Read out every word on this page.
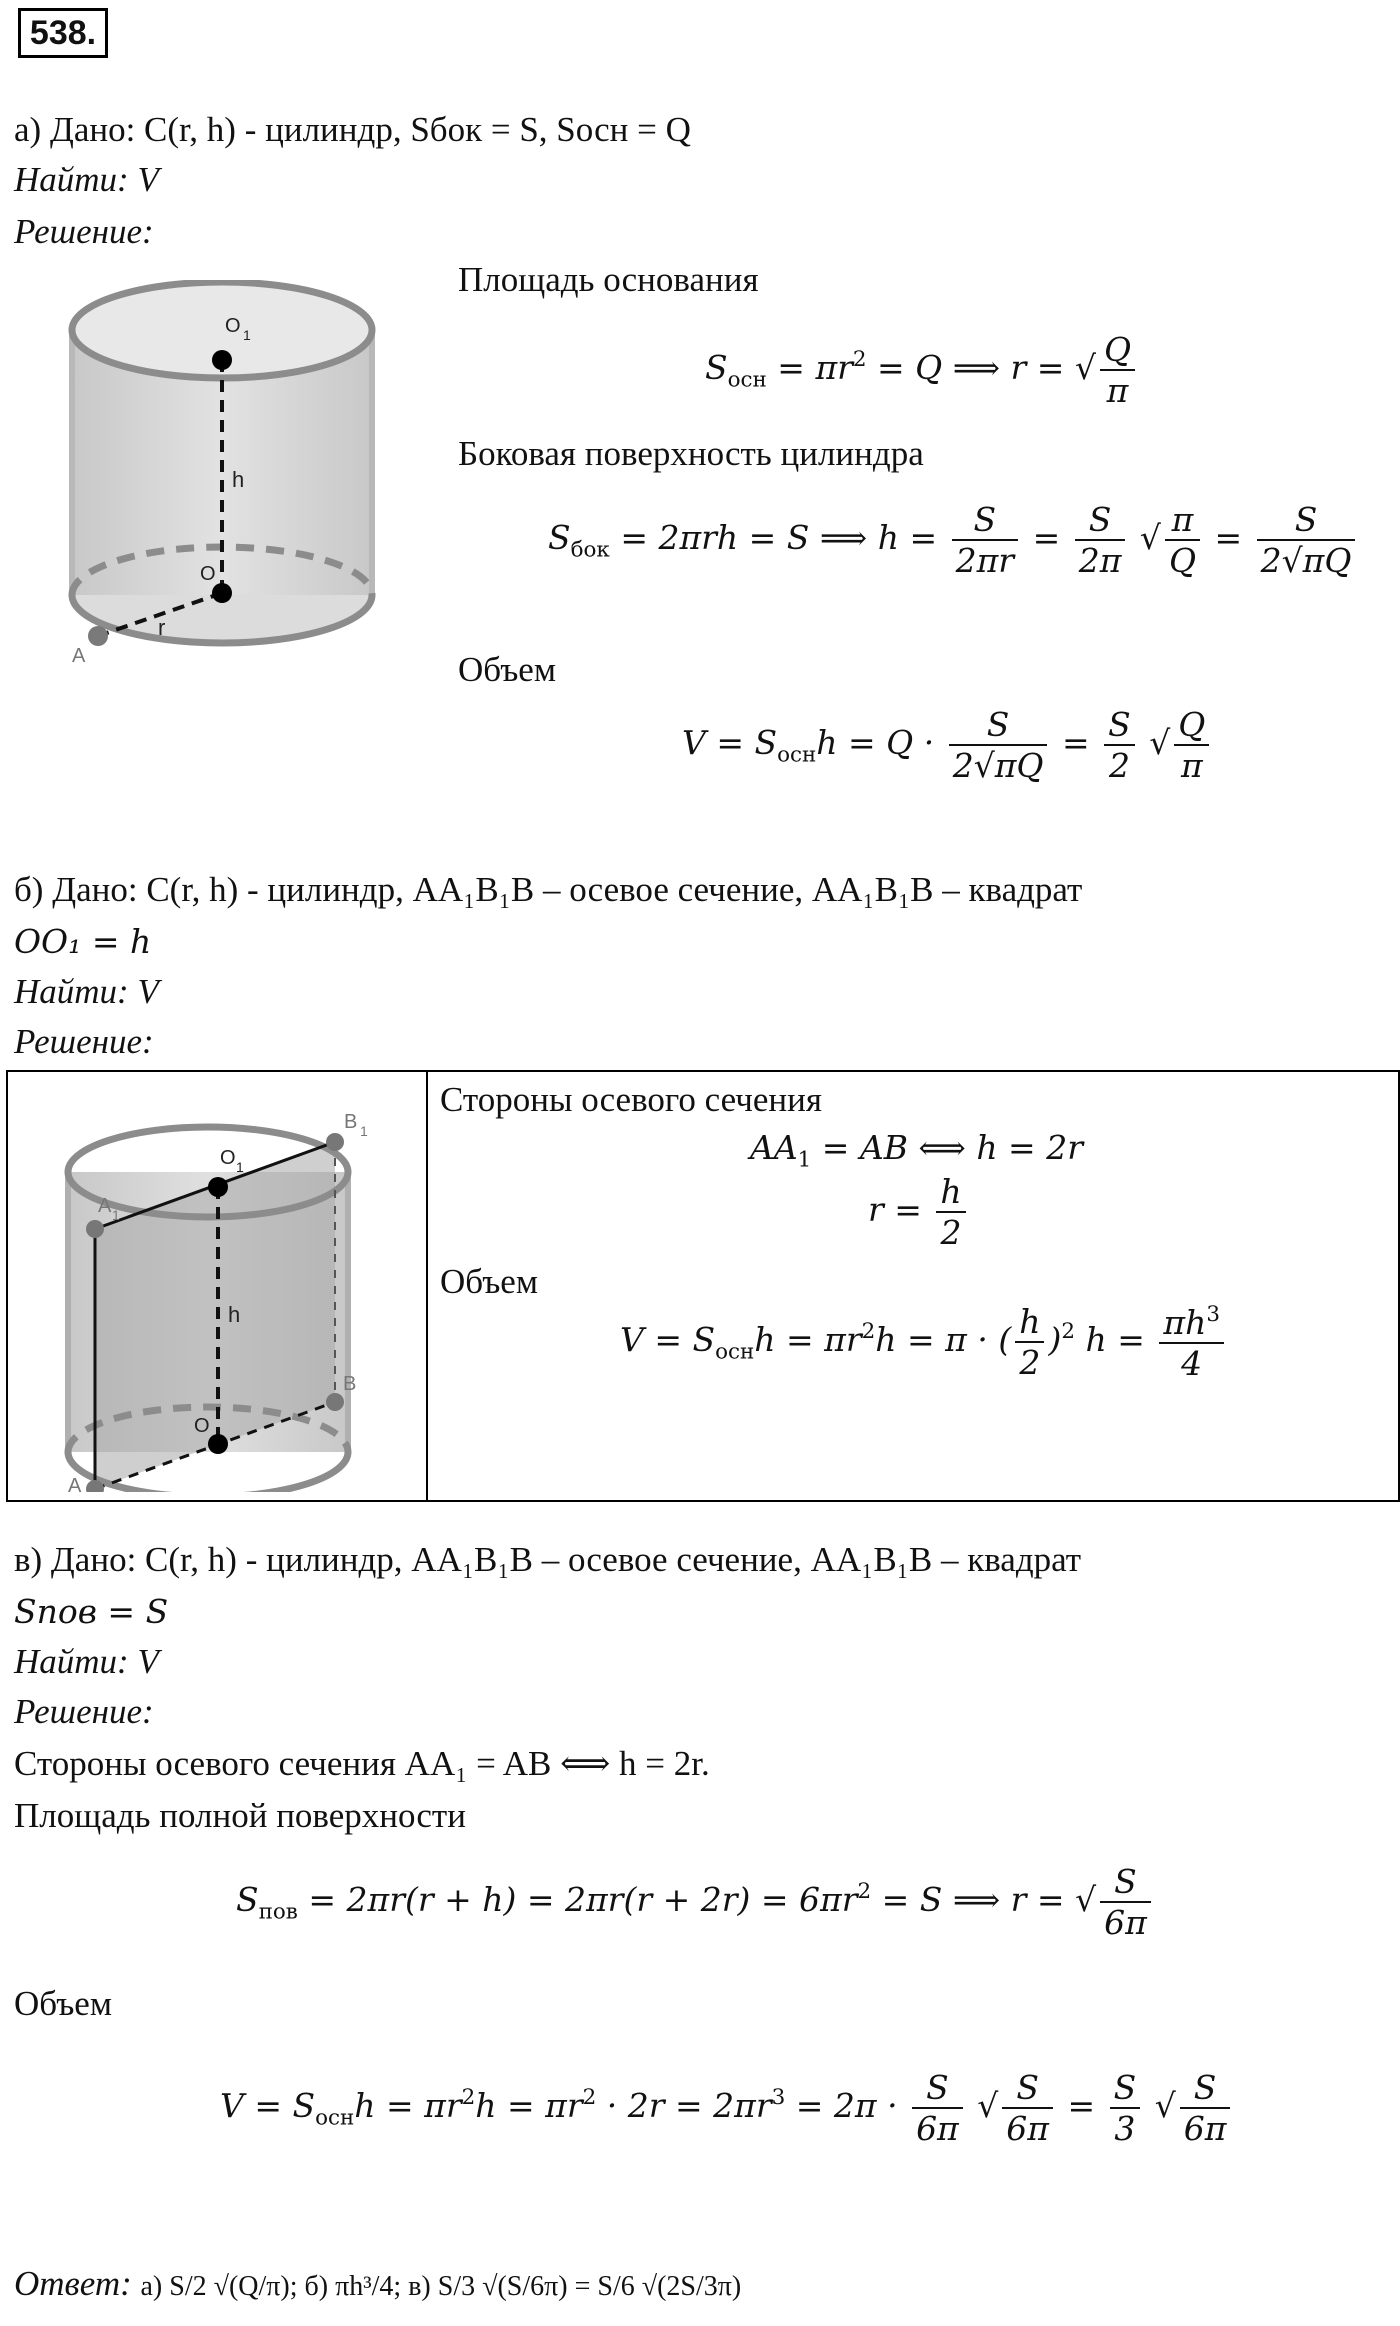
538.
а) Дано: C(r, h) - цилиндр, Sбок = S, Sосн = Q
Найти: V
Решение:
O 1
h
O
r
A
Площадь основания
$S_{осн} = \pi r^2 = Q$ ⟹ r = √ $\frac{Q}{\pi}$
Боковая поверхность цилиндра
$S_{бок} = 2\pi rh = S$ ⟹ $h = \frac{S}{2\pi r} = \frac{S}{2\pi}$ √ $\frac{\pi}{Q} = \frac{S}{2√\pi Q}$
Объем
$V = S_{осн}h = Q \cdot \frac{S}{2√\pi Q} = \frac{S}{2}$ √ $\frac{Q}{\pi}$
б) Дано: C(r, h) - цилиндр, AA₁B₁B – осевое сечение, AA₁B₁B – квадрат
OO₁ = h
Найти: V
Решение:
B 1
O 1
A 1
h
B
O
A
Стороны осевого сечения
$AA_1$ = AB ⟺ h = 2r
$r = \frac{h}{2}$
Объем
$V = S_{осн}h = \pi r^2h = \pi$ · ( $\frac{h}{2} )^2$ $h = \frac{\pi h^3}{4}$
в) Дано: C(r, h) - цилиндр, AA₁B₁B – осевое сечение, AA₁B₁B – квадрат
Sпов = S
Найти: V
Решение:
Стороны осевого сечения AA₁ = AB ⟺ h = 2r.
Площадь полной поверхности
$S_{пов} = 2\pi r(r + h) = 2\pi r(r + 2r) = 6\pi r^2 = S$ ⟹ r = √ $\frac{S}{6\pi}$
Объем
$V = S_{осн}h = \pi r^2h = \pi r^2 \cdot 2r = 2\pi r^3 = 2\pi \cdot \frac{S}{6\pi}$ √ $\frac{S}{6\pi} = \frac{S}{3}$ √ $\frac{S}{6\pi}$
Ответ: а) S/2 √(Q/π); б) πh³/4; в) S/3 √(S/6π) = S/6 √(2S/3π)
